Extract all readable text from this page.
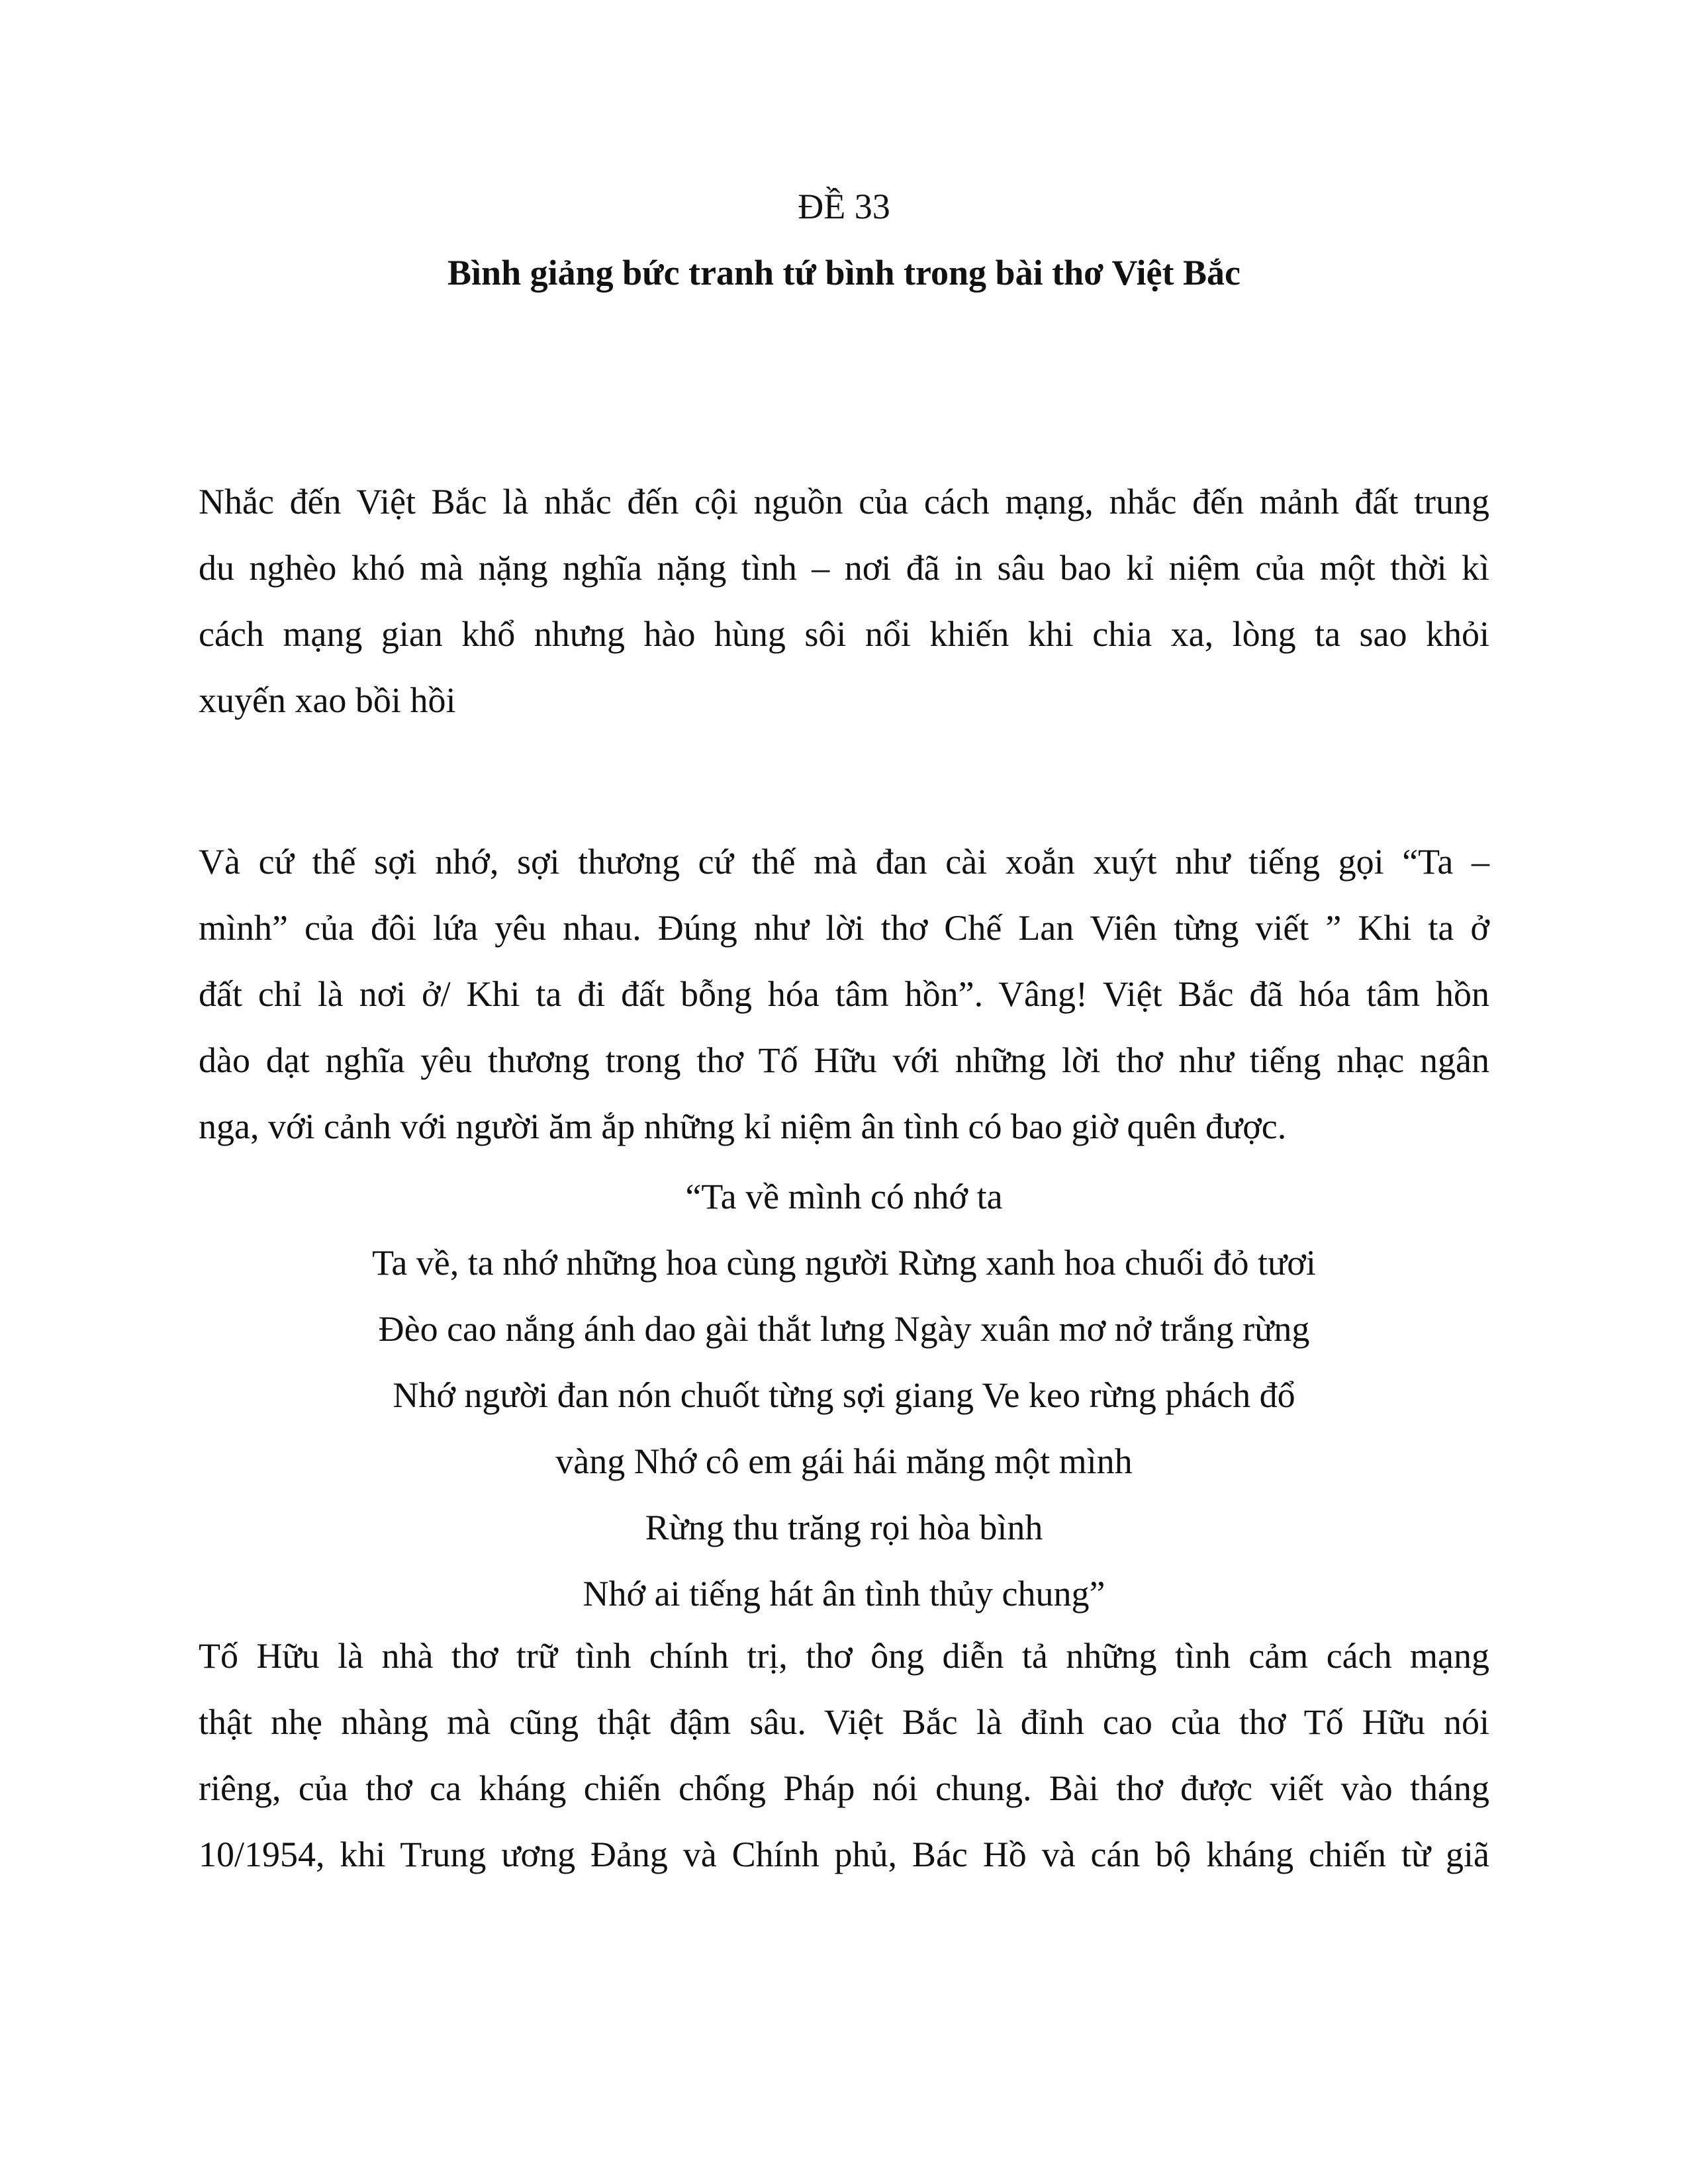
ĐỀ 33
Bình giảng bức tranh tứ bình trong bài thơ Việt Bắc
Nhắc đến Việt Bắc là nhắc đến cội nguồn của cách mạng, nhắc đến mảnh đất trung
du nghèo khó mà nặng nghĩa nặng tình – nơi đã in sâu bao kỉ niệm của một thời kì
cách mạng gian khổ nhưng hào hùng sôi nổi khiến khi chia xa, lòng ta sao khỏi
xuyến xao bồi hồi
Và cứ thế sợi nhớ, sợi thương cứ thế mà đan cài xoắn xuýt như tiếng gọi “Ta –
mình” của đôi lứa yêu nhau. Đúng như lời thơ Chế Lan Viên từng viết ” Khi ta ở
đất chỉ là nơi ở/ Khi ta đi đất bỗng hóa tâm hồn”. Vâng! Việt Bắc đã hóa tâm hồn
dào dạt nghĩa yêu thương trong thơ Tố Hữu với những lời thơ như tiếng nhạc ngân
nga, với cảnh với người ăm ắp những kỉ niệm ân tình có bao giờ quên được.
“Ta về mình có nhớ ta
Ta về, ta nhớ những hoa cùng người Rừng xanh hoa chuối đỏ tươi
Đèo cao nắng ánh dao gài thắt lưng Ngày xuân mơ nở trắng rừng
Nhớ người đan nón chuốt từng sợi giang Ve keo rừng phách đổ
vàng Nhớ cô em gái hái măng một mình
Rừng thu trăng rọi hòa bình
Nhớ ai tiếng hát ân tình thủy chung”
Tố Hữu là nhà thơ trữ tình chính trị, thơ ông diễn tả những tình cảm cách mạng
thật nhẹ nhàng mà cũng thật đậm sâu. Việt Bắc là đỉnh cao của thơ Tố Hữu nói
riêng, của thơ ca kháng chiến chống Pháp nói chung. Bài thơ được viết vào tháng
10/1954, khi Trung ương Đảng và Chính phủ, Bác Hồ và cán bộ kháng chiến từ giã
